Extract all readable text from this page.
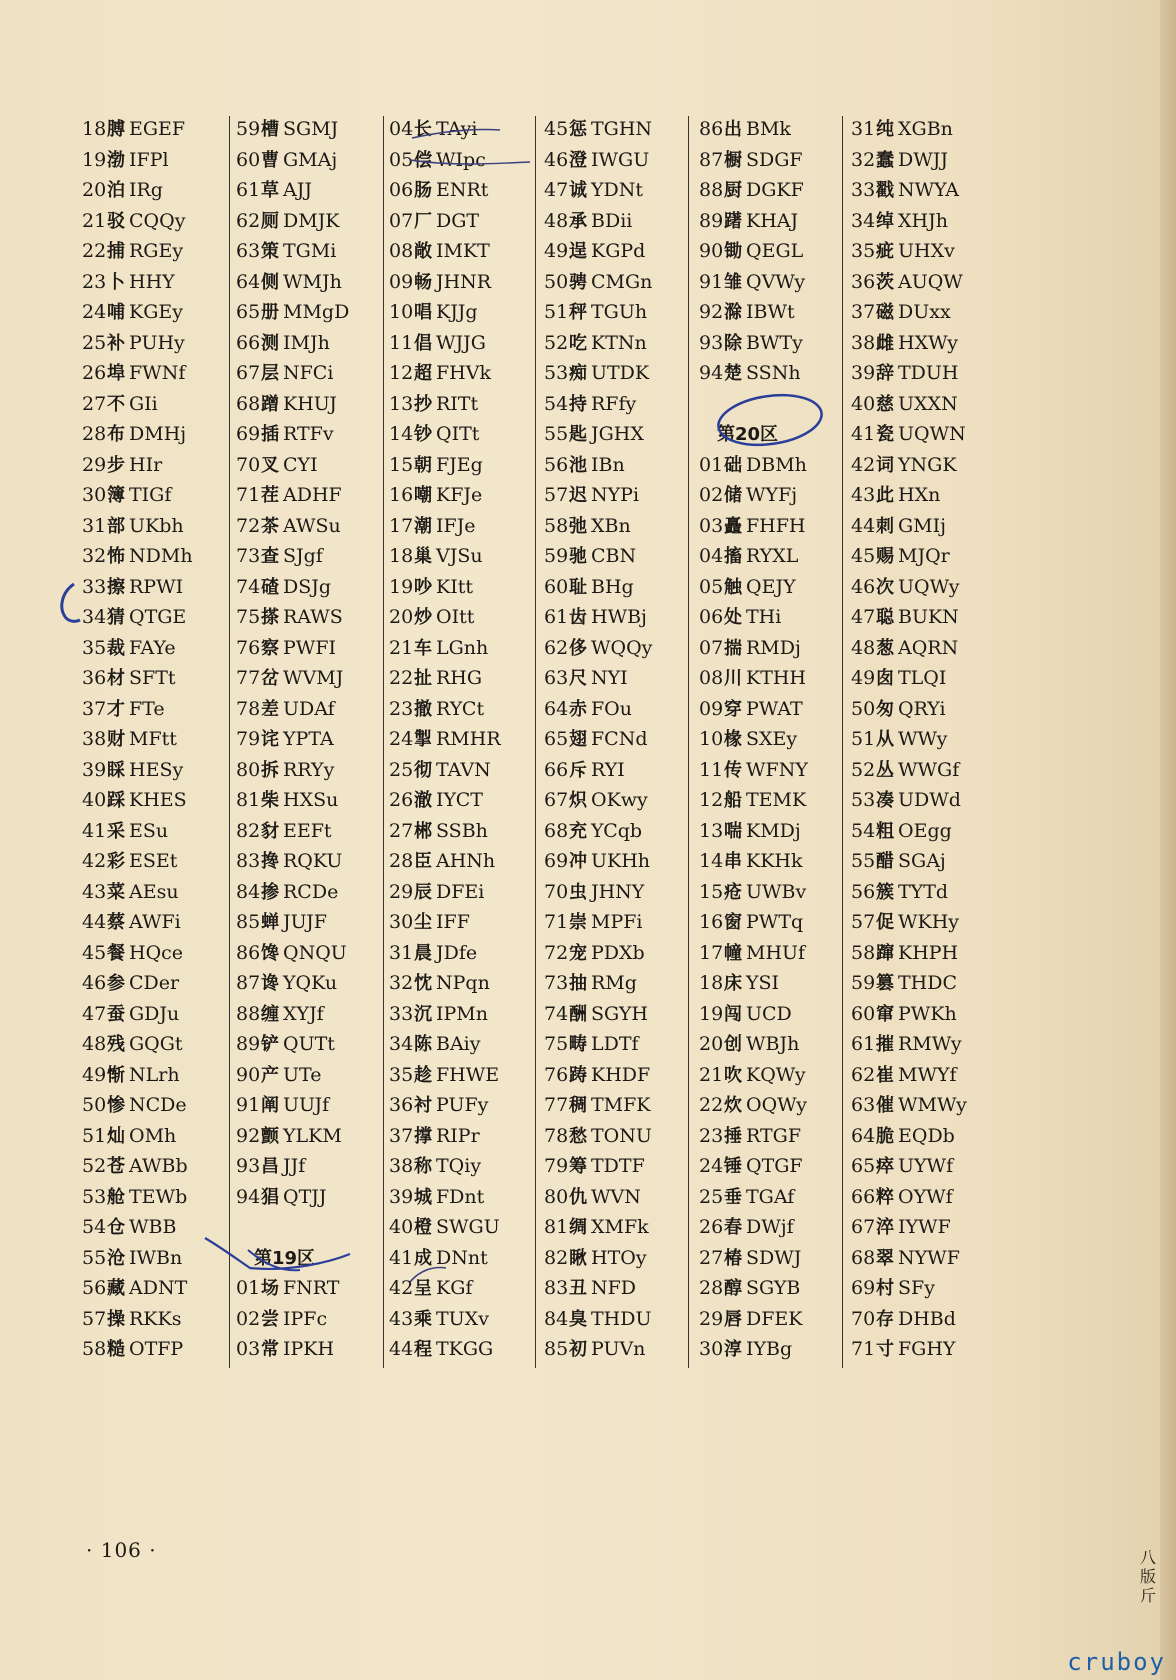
18膊 EGEF
19渤 IFPl
20泊 IRg
21驳 CQQy
22捕 RGEy
23卜 HHY
24哺 KGEy
25补 PUHy
26埠 FWNf
27不 GIi
28布 DMHj
29步 HIr
30簿 TIGf
31部 UKbh
32怖 NDMh
33擦 RPWI
34猜 QTGE
35裁 FAYe
36材 SFTt
37才 FTe
38财 MFtt
39睬 HESy
40踩 KHES
41采 ESu
42彩 ESEt
43菜 AEsu
44蔡 AWFi
45餐 HQce
46参 CDer
47蚕 GDJu
48残 GQGt
49惭 NLrh
50惨 NCDe
51灿 OMh
52苍 AWBb
53舱 TEWb
54仓 WBB
55沧 IWBn
56藏 ADNT
57操 RKKs
58糙 OTFP
59槽 SGMJ
60曹 GMAj
61草 AJJ
62厕 DMJK
63策 TGMi
64侧 WMJh
65册 MMgD
66测 IMJh
67层 NFCi
68蹭 KHUJ
69插 RTFv
70叉 CYI
71茬 ADHF
72茶 AWSu
73查 SJgf
74碴 DSJg
75搽 RAWS
76察 PWFI
77岔 WVMJ
78差 UDAf
79诧 YPTA
80拆 RRYy
81柴 HXSu
82豺 EEFt
83搀 RQKU
84掺 RCDe
85蝉 JUJF
86馋 QNQU
87谗 YQKu
88缠 XYJf
89铲 QUTt
90产 UTe
91阐 UUJf
92颤 YLKM
93昌 JJf
94猖 QTJJ
第19区
01场 FNRT
02尝 IPFc
03常 IPKH
04长 TAyi
05偿 WIpc
06肠 ENRt
07厂 DGT
08敞 IMKT
09畅 JHNR
10唱 KJJg
11倡 WJJG
12超 FHVk
13抄 RITt
14钞 QITt
15朝 FJEg
16嘲 KFJe
17潮 IFJe
18巢 VJSu
19吵 KItt
20炒 OItt
21车 LGnh
22扯 RHG
23撤 RYCt
24掣 RMHR
25彻 TAVN
26澈 IYCT
27郴 SSBh
28臣 AHNh
29辰 DFEi
30尘 IFF
31晨 JDfe
32忱 NPqn
33沉 IPMn
34陈 BAiy
35趁 FHWE
36衬 PUFy
37撑 RIPr
38称 TQiy
39城 FDnt
40橙 SWGU
41成 DNnt
42呈 KGf
43乘 TUXv
44程 TKGG
45惩 TGHN
46澄 IWGU
47诚 YDNt
48承 BDii
49逞 KGPd
50骋 CMGn
51秤 TGUh
52吃 KTNn
53痴 UTDK
54持 RFfy
55匙 JGHX
56池 IBn
57迟 NYPi
58弛 XBn
59驰 CBN
60耻 BHg
61齿 HWBj
62侈 WQQy
63尺 NYI
64赤 FOu
65翅 FCNd
66斥 RYI
67炽 OKwy
68充 YCqb
69冲 UKHh
70虫 JHNY
71崇 MPFi
72宠 PDXb
73抽 RMg
74酬 SGYH
75畴 LDTf
76踌 KHDF
77稠 TMFK
78愁 TONU
79筹 TDTF
80仇 WVN
81绸 XMFk
82瞅 HTOy
83丑 NFD
84臭 THDU
85初 PUVn
86出 BMk
87橱 SDGF
88厨 DGKF
89躇 KHAJ
90锄 QEGL
91雏 QVWy
92滁 IBWt
93除 BWTy
94楚 SSNh
第20区
01础 DBMh
02储 WYFj
03矗 FHFH
04搐 RYXL
05触 QEJY
06处 THi
07揣 RMDj
08川 KTHH
09穿 PWAT
10椽 SXEy
11传 WFNY
12船 TEMK
13喘 KMDj
14串 KKHk
15疮 UWBv
16窗 PWTq
17幢 MHUf
18床 YSI
19闯 UCD
20创 WBJh
21吹 KQWy
22炊 OQWy
23捶 RTGF
24锤 QTGF
25垂 TGAf
26春 DWjf
27椿 SDWJ
28醇 SGYB
29唇 DFEK
30淳 IYBg
31纯 XGBn
32蠢 DWJJ
33戳 NWYA
34绰 XHJh
35疵 UHXv
36茨 AUQW
37磁 DUxx
38雌 HXWy
39辞 TDUH
40慈 UXXN
41瓷 UQWN
42词 YNGK
43此 HXn
44刺 GMIj
45赐 MJQr
46次 UQWy
47聪 BUKN
48葱 AQRN
49囱 TLQI
50匆 QRYi
51从 WWy
52丛 WWGf
53凑 UDWd
54粗 OEgg
55醋 SGAj
56簇 TYTd
57促 WKHy
58蹿 KHPH
59篡 THDC
60窜 PWKh
61摧 RMWy
62崔 MWYf
63催 WMWy
64脆 EQDb
65瘁 UYWf
66粹 OYWf
67淬 IYWF
68翠 NYWF
69村 SFy
70存 DHBd
71寸 FGHY
· 106 ·	八版斤
cruboy
